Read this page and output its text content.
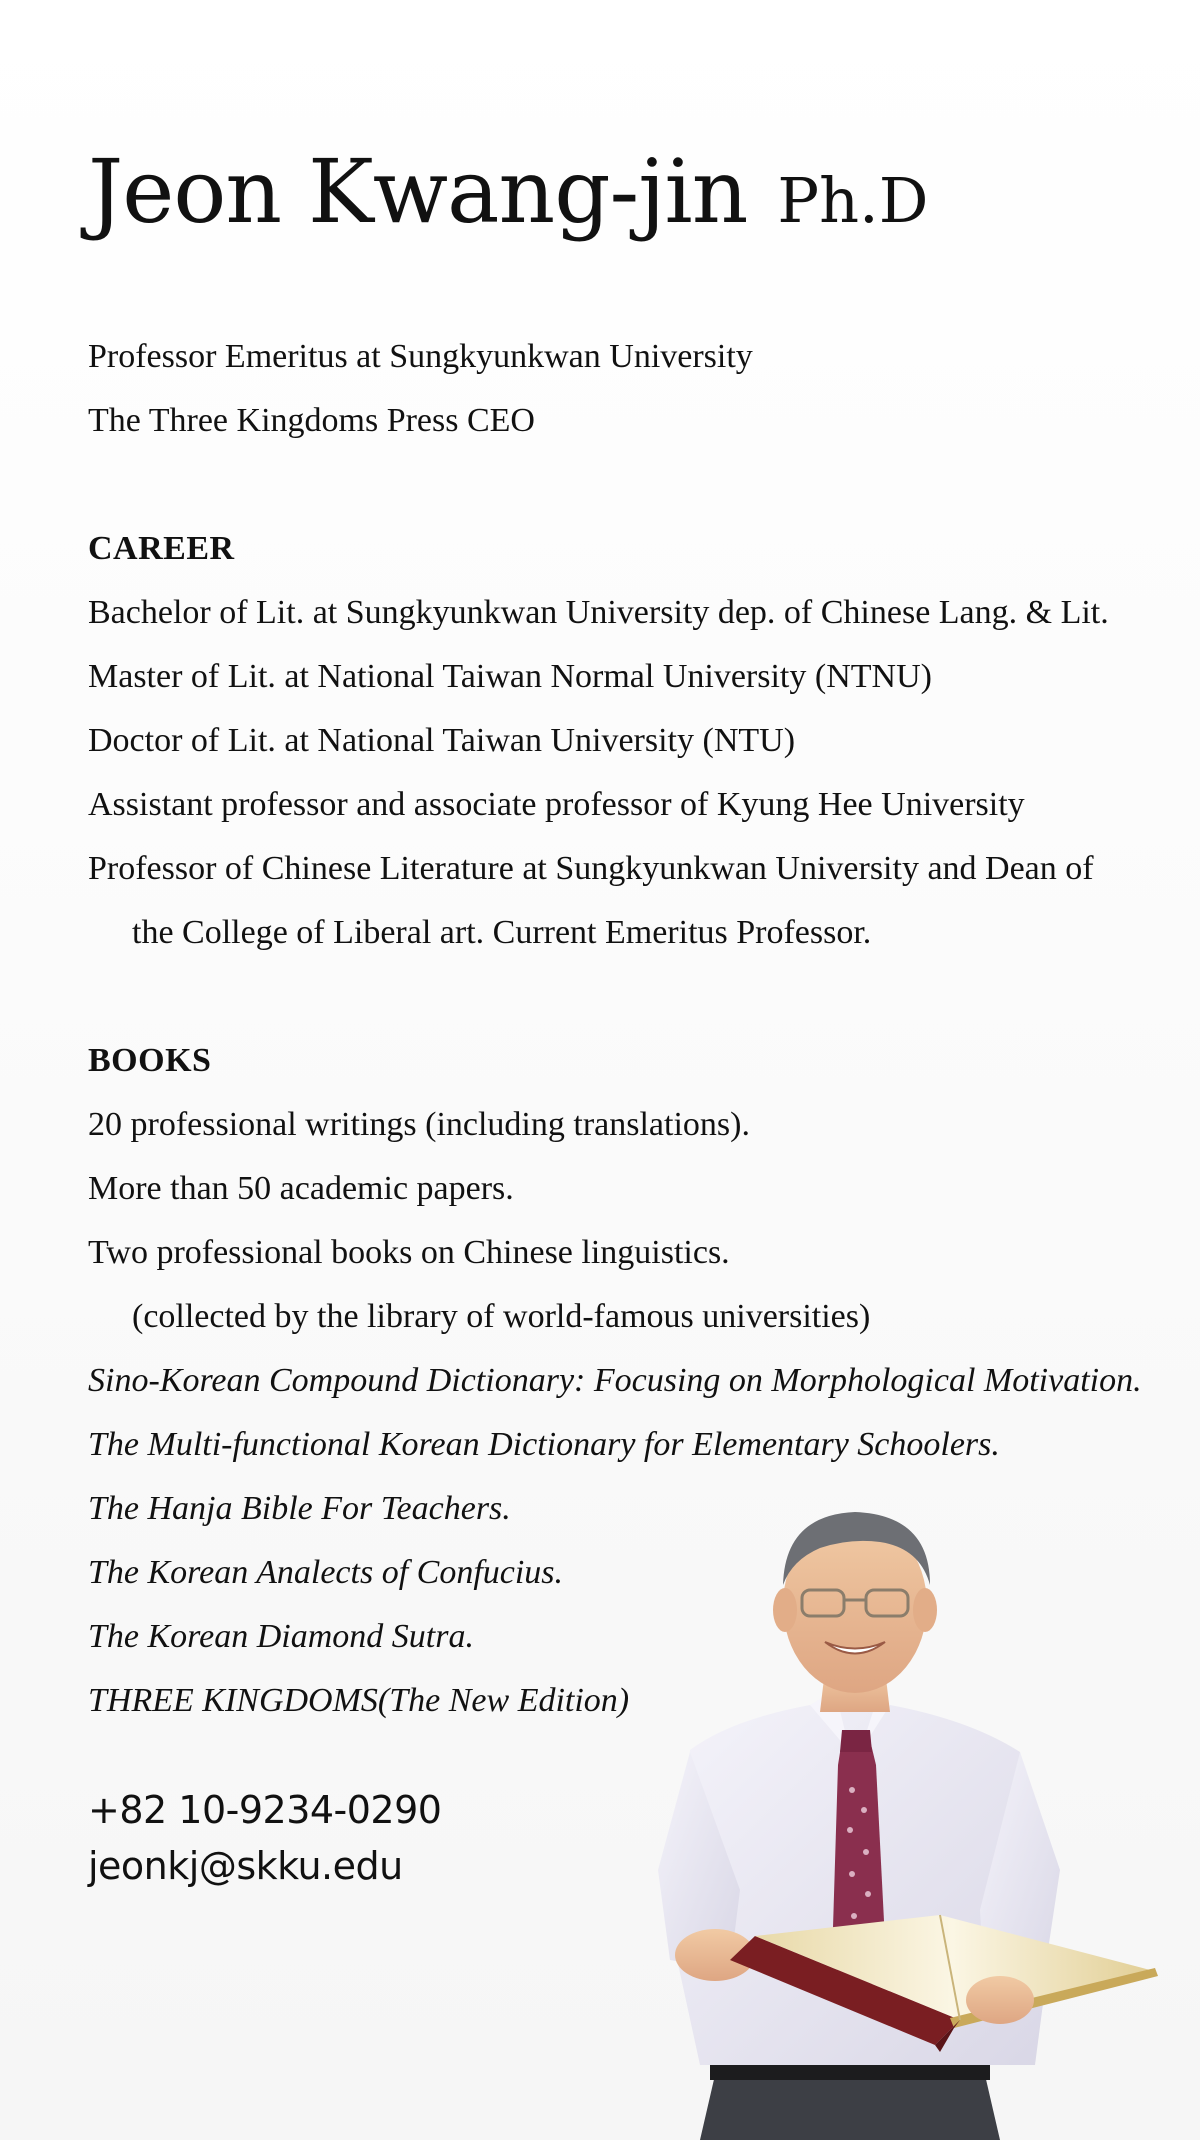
Jeon Kwang-jin Ph.D
Professor Emeritus at Sungkyunkwan University
The Three Kingdoms Press CEO
CAREER
Bachelor of Lit. at Sungkyunkwan University dep. of Chinese Lang. & Lit.
Master of Lit. at National Taiwan Normal University (NTNU)
Doctor of Lit. at National Taiwan University (NTU)
Assistant professor and associate professor of Kyung Hee University
Professor of Chinese Literature at Sungkyunkwan University and Dean of
the College of Liberal art. Current Emeritus Professor.
BOOKS
20 professional writings (including translations).
More than 50 academic papers.
Two professional books on Chinese linguistics.
(collected by the library of world-famous universities)
Sino-Korean Compound Dictionary: Focusing on Morphological Motivation.
The Multi-functional Korean Dictionary for Elementary Schoolers.
The Hanja Bible For Teachers.
The Korean Analects of Confucius.
The Korean Diamond Sutra.
THREE KINGDOMS(The New Edition)
+82 10-9234-0290
jeonkj@skku.edu
